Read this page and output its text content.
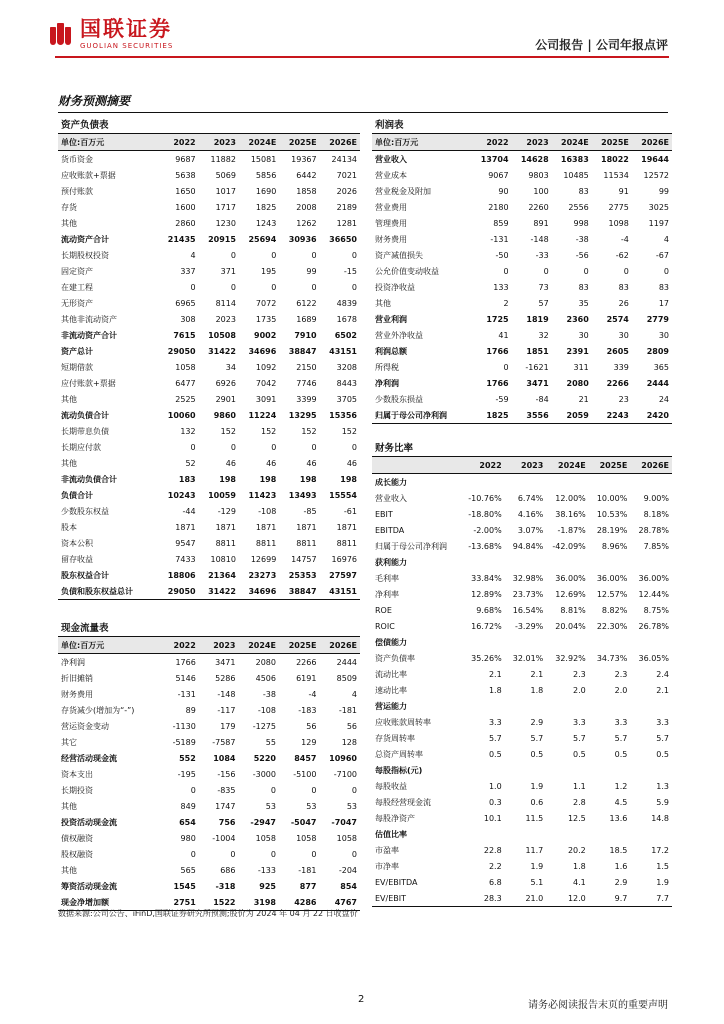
国联证券
GUOLIAN SECURITIES	公司报告 | 公司年报点评
财务预测摘要
资产负债表					
单位:百万元	2022	2023	2024E	2025E	2026E
货币资金	9687	11882	15081	19367	24134
应收账款+票据	5638	5069	5856	6442	7021
预付账款	1650	1017	1690	1858	2026
存货	1600	1717	1825	2008	2189
其他	2860	1230	1243	1262	1281
流动资产合计	21435	20915	25694	30936	36650
长期股权投资	4	0	0	0	0
固定资产	337	371	195	99	-15
在建工程	0	0	0	0	0
无形资产	6965	8114	7072	6122	4839
其他非流动资产	308	2023	1735	1689	1678
非流动资产合计	7615	10508	9002	7910	6502
资产总计	29050	31422	34696	38847	43151
短期借款	1058	34	1092	2150	3208
应付账款+票据	6477	6926	7042	7746	8443
其他	2525	2901	3091	3399	3705
流动负债合计	10060	9860	11224	13295	15356
长期带息负债	132	152	152	152	152
长期应付款	0	0	0	0	0
其他	52	46	46	46	46
非流动负债合计	183	198	198	198	198
负债合计	10243	10059	11423	13493	15554
少数股东权益	-44	-129	-108	-85	-61
股本	1871	1871	1871	1871	1871
资本公积	9547	8811	8811	8811	8811
留存收益	7433	10810	12699	14757	16976
股东权益合计	18806	21364	23273	25353	27597
负债和股东权益总计	29050	31422	34696	38847	43151
利润表					
单位:百万元	2022	2023	2024E	2025E	2026E
营业收入	13704	14628	16383	18022	19644
营业成本	9067	9803	10485	11534	12572
营业税金及附加	90	100	83	91	99
营业费用	2180	2260	2556	2775	3025
管理费用	859	891	998	1098	1197
财务费用	-131	-148	-38	-4	4
资产减值损失	-50	-33	-56	-62	-67
公允价值变动收益	0	0	0	0	0
投资净收益	133	73	83	83	83
其他	2	57	35	26	17
营业利润	1725	1819	2360	2574	2779
营业外净收益	41	32	30	30	30
利润总额	1766	1851	2391	2605	2809
所得税	0	-1621	311	339	365
净利润	1766	3471	2080	2266	2444
少数股东损益	-59	-84	21	23	24
归属于母公司净利润	1825	3556	2059	2243	2420
财务比率					
	2022	2023	2024E	2025E	2026E
成长能力					
营业收入	-10.76%	6.74%	12.00%	10.00%	9.00%
EBIT	-18.80%	4.16%	38.16%	10.53%	8.18%
EBITDA	-2.00%	3.07%	-1.87%	28.19%	28.78%
归属于母公司净利润	-13.68%	94.84%	-42.09%	8.96%	7.85%
获利能力					
毛利率	33.84%	32.98%	36.00%	36.00%	36.00%
净利率	12.89%	23.73%	12.69%	12.57%	12.44%
ROE	9.68%	16.54%	8.81%	8.82%	8.75%
ROIC	16.72%	-3.29%	20.04%	22.30%	26.78%
偿债能力					
资产负债率	35.26%	32.01%	32.92%	34.73%	36.05%
流动比率	2.1	2.1	2.3	2.3	2.4
速动比率	1.8	1.8	2.0	2.0	2.1
营运能力					
应收账款周转率	3.3	2.9	3.3	3.3	3.3
存货周转率	5.7	5.7	5.7	5.7	5.7
总资产周转率	0.5	0.5	0.5	0.5	0.5
每股指标(元)					
每股收益	1.0	1.9	1.1	1.2	1.3
每股经营现金流	0.3	0.6	2.8	4.5	5.9
每股净资产	10.1	11.5	12.5	13.6	14.8
估值比率					
市盈率	22.8	11.7	20.2	18.5	17.2
市净率	2.2	1.9	1.8	1.6	1.5
EV/EBITDA	6.8	5.1	4.1	2.9	1.9
EV/EBIT	28.3	21.0	12.0	9.7	7.7
现金流量表					
单位:百万元	2022	2023	2024E	2025E	2026E
净利润	1766	3471	2080	2266	2444
折旧摊销	5146	5286	4506	6191	8509
财务费用	-131	-148	-38	-4	4
存货减少(增加为“-”)	89	-117	-108	-183	-181
营运资金变动	-1130	179	-1275	56	56
其它	-5189	-7587	55	129	128
经营活动现金流	552	1084	5220	8457	10960
资本支出	-195	-156	-3000	-5100	-7100
长期投资	0	-835	0	0	0
其他	849	1747	53	53	53
投资活动现金流	654	756	-2947	-5047	-7047
债权融资	980	-1004	1058	1058	1058
股权融资	0	0	0	0	0
其他	565	686	-133	-181	-204
筹资活动现金流	1545	-318	925	877	854
现金净增加额	2751	1522	3198	4286	4767
数据来源:公司公告、iFinD,国联证券研究所预测;股价为 2024 年 04 月 22 日收盘价
2
请务必阅读报告末页的重要声明
